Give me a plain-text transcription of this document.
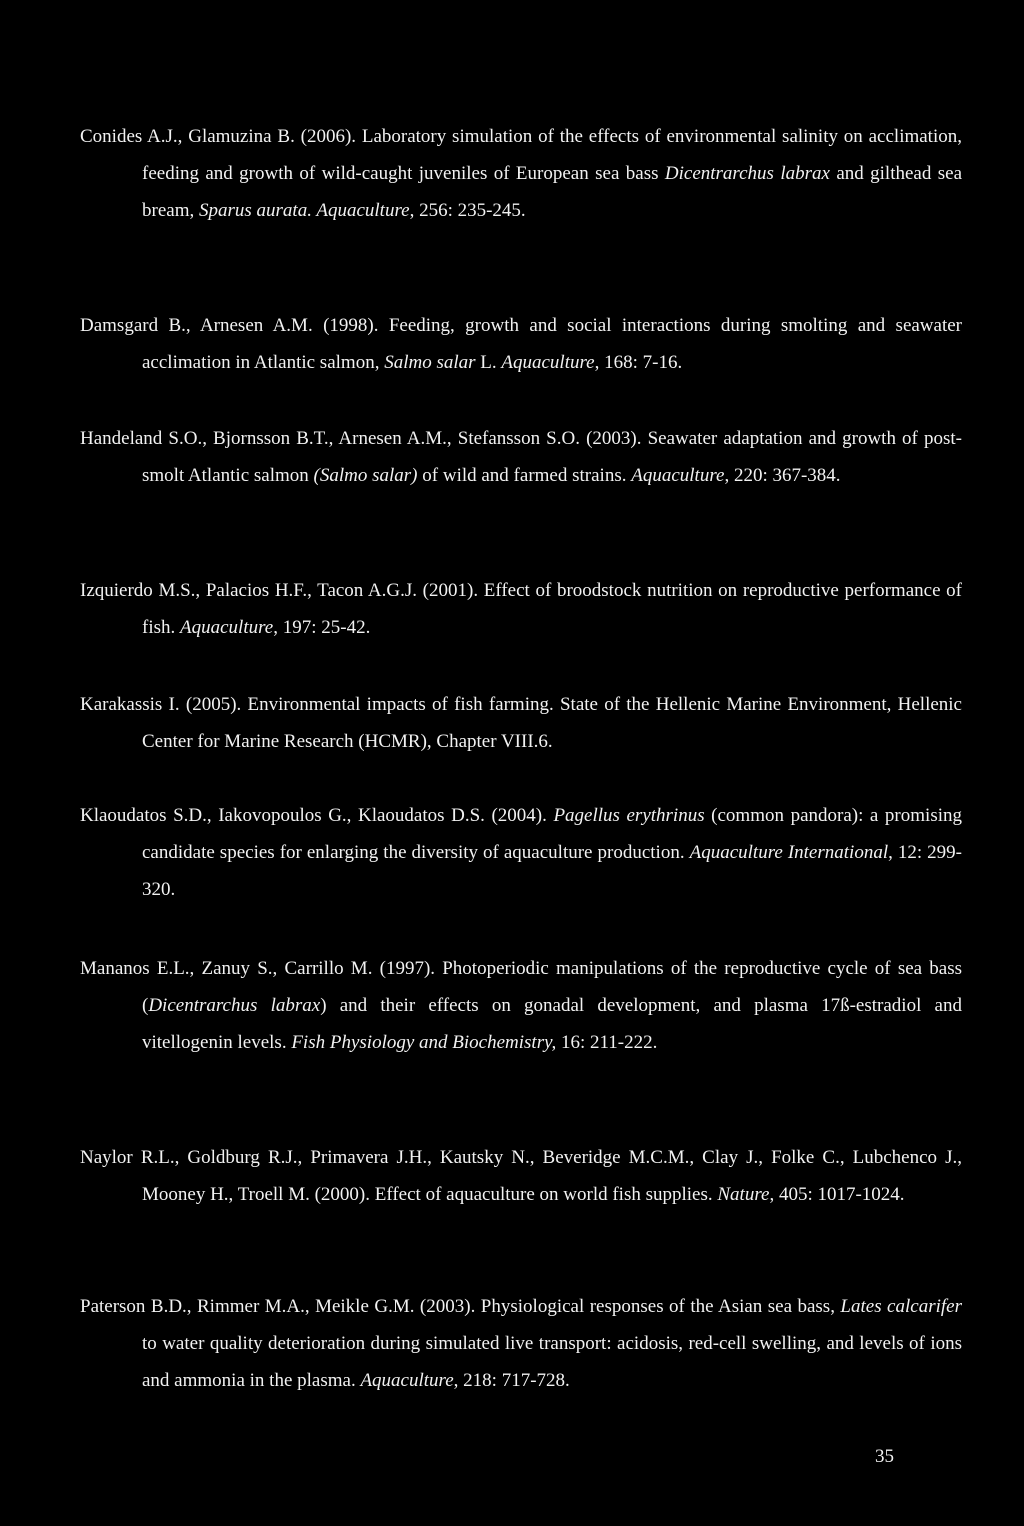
Conides A.J., Glamuzina B. (2006). Laboratory simulation of the effects of environmental salinity on acclimation, feeding and growth of wild-caught juveniles of European sea bass Dicentrarchus labrax and gilthead sea bream, Sparus aurata. Aquaculture, 256: 235-245.

Damsgard B., Arnesen A.M. (1998). Feeding, growth and social interactions during smolting and seawater acclimation in Atlantic salmon, Salmo salar L. Aquaculture, 168: 7-16.

Handeland S.O., Bjornsson B.T., Arnesen A.M., Stefansson S.O. (2003). Seawater adaptation and growth of post-smolt Atlantic salmon (Salmo salar) of wild and farmed strains. Aquaculture, 220: 367-384.

Izquierdo M.S., Palacios H.F., Tacon A.G.J. (2001). Effect of broodstock nutrition on reproductive performance of fish. Aquaculture, 197: 25-42.

Karakassis I. (2005). Environmental impacts of fish farming. State of the Hellenic Marine Environment, Hellenic Center for Marine Research (HCMR), Chapter VIII.6.

Klaoudatos S.D., Iakovopoulos G., Klaoudatos D.S. (2004). Pagellus erythrinus (common pandora): a promising candidate species for enlarging the diversity of aquaculture production. Aquaculture International, 12: 299-320.

Mananos E.L., Zanuy S., Carrillo M. (1997). Photoperiodic manipulations of the reproductive cycle of sea bass (Dicentrarchus labrax) and their effects on gonadal development, and plasma 17ß-estradiol and vitellogenin levels. Fish Physiology and Biochemistry, 16: 211-222.

Naylor R.L., Goldburg R.J., Primavera J.H., Kautsky N., Beveridge M.C.M., Clay J., Folke C., Lubchenco J., Mooney H., Troell M. (2000). Effect of aquaculture on world fish supplies. Nature, 405: 1017-1024.

Paterson B.D., Rimmer M.A., Meikle G.M. (2003). Physiological responses of the Asian sea bass, Lates calcarifer to water quality deterioration during simulated live transport: acidosis, red-cell swelling, and levels of ions and ammonia in the plasma. Aquaculture, 218: 717-728.

35
